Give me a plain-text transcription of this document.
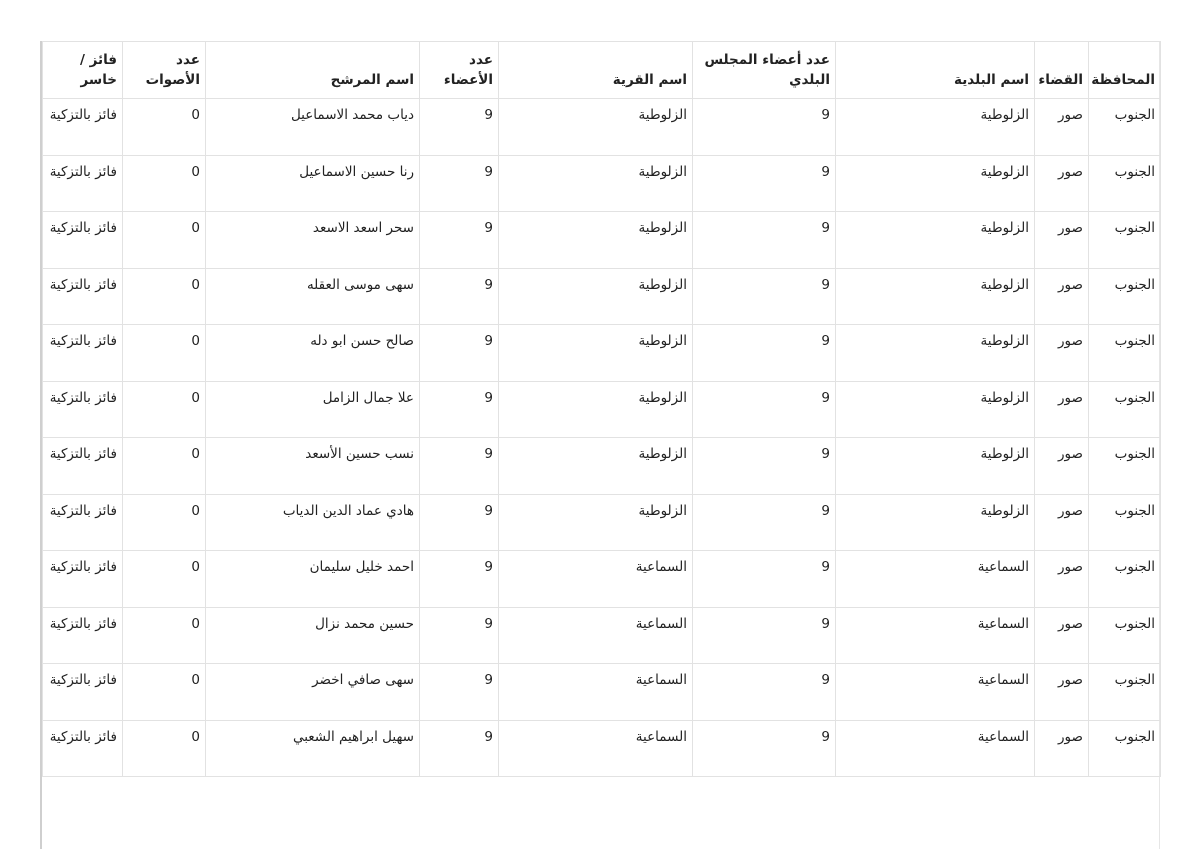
المحافظة	القضاء	اسم البلدية	عدد أعضاء المجلس البلدي	اسم القرية	عدد الأعضاء	اسم المرشح	عدد الأصوات	فائز / خاسر
الجنوب	صور	الزلوطية	9	الزلوطية	9	دياب محمد الاسماعيل	0	فائز بالتزكية
الجنوب	صور	الزلوطية	9	الزلوطية	9	رنا حسين الاسماعيل	0	فائز بالتزكية
الجنوب	صور	الزلوطية	9	الزلوطية	9	سحر اسعد الاسعد	0	فائز بالتزكية
الجنوب	صور	الزلوطية	9	الزلوطية	9	سهى موسى العقله	0	فائز بالتزكية
الجنوب	صور	الزلوطية	9	الزلوطية	9	صالح حسن ابو دله	0	فائز بالتزكية
الجنوب	صور	الزلوطية	9	الزلوطية	9	علا جمال الزامل	0	فائز بالتزكية
الجنوب	صور	الزلوطية	9	الزلوطية	9	نسب حسين الأسعد	0	فائز بالتزكية
الجنوب	صور	الزلوطية	9	الزلوطية	9	هادي عماد الدين الدياب	0	فائز بالتزكية
الجنوب	صور	السماعية	9	السماعية	9	احمد خليل سليمان	0	فائز بالتزكية
الجنوب	صور	السماعية	9	السماعية	9	حسين محمد نزال	0	فائز بالتزكية
الجنوب	صور	السماعية	9	السماعية	9	سهى صافي اخضر	0	فائز بالتزكية
الجنوب	صور	السماعية	9	السماعية	9	سهيل ابراهيم الشعبي	0	فائز بالتزكية
